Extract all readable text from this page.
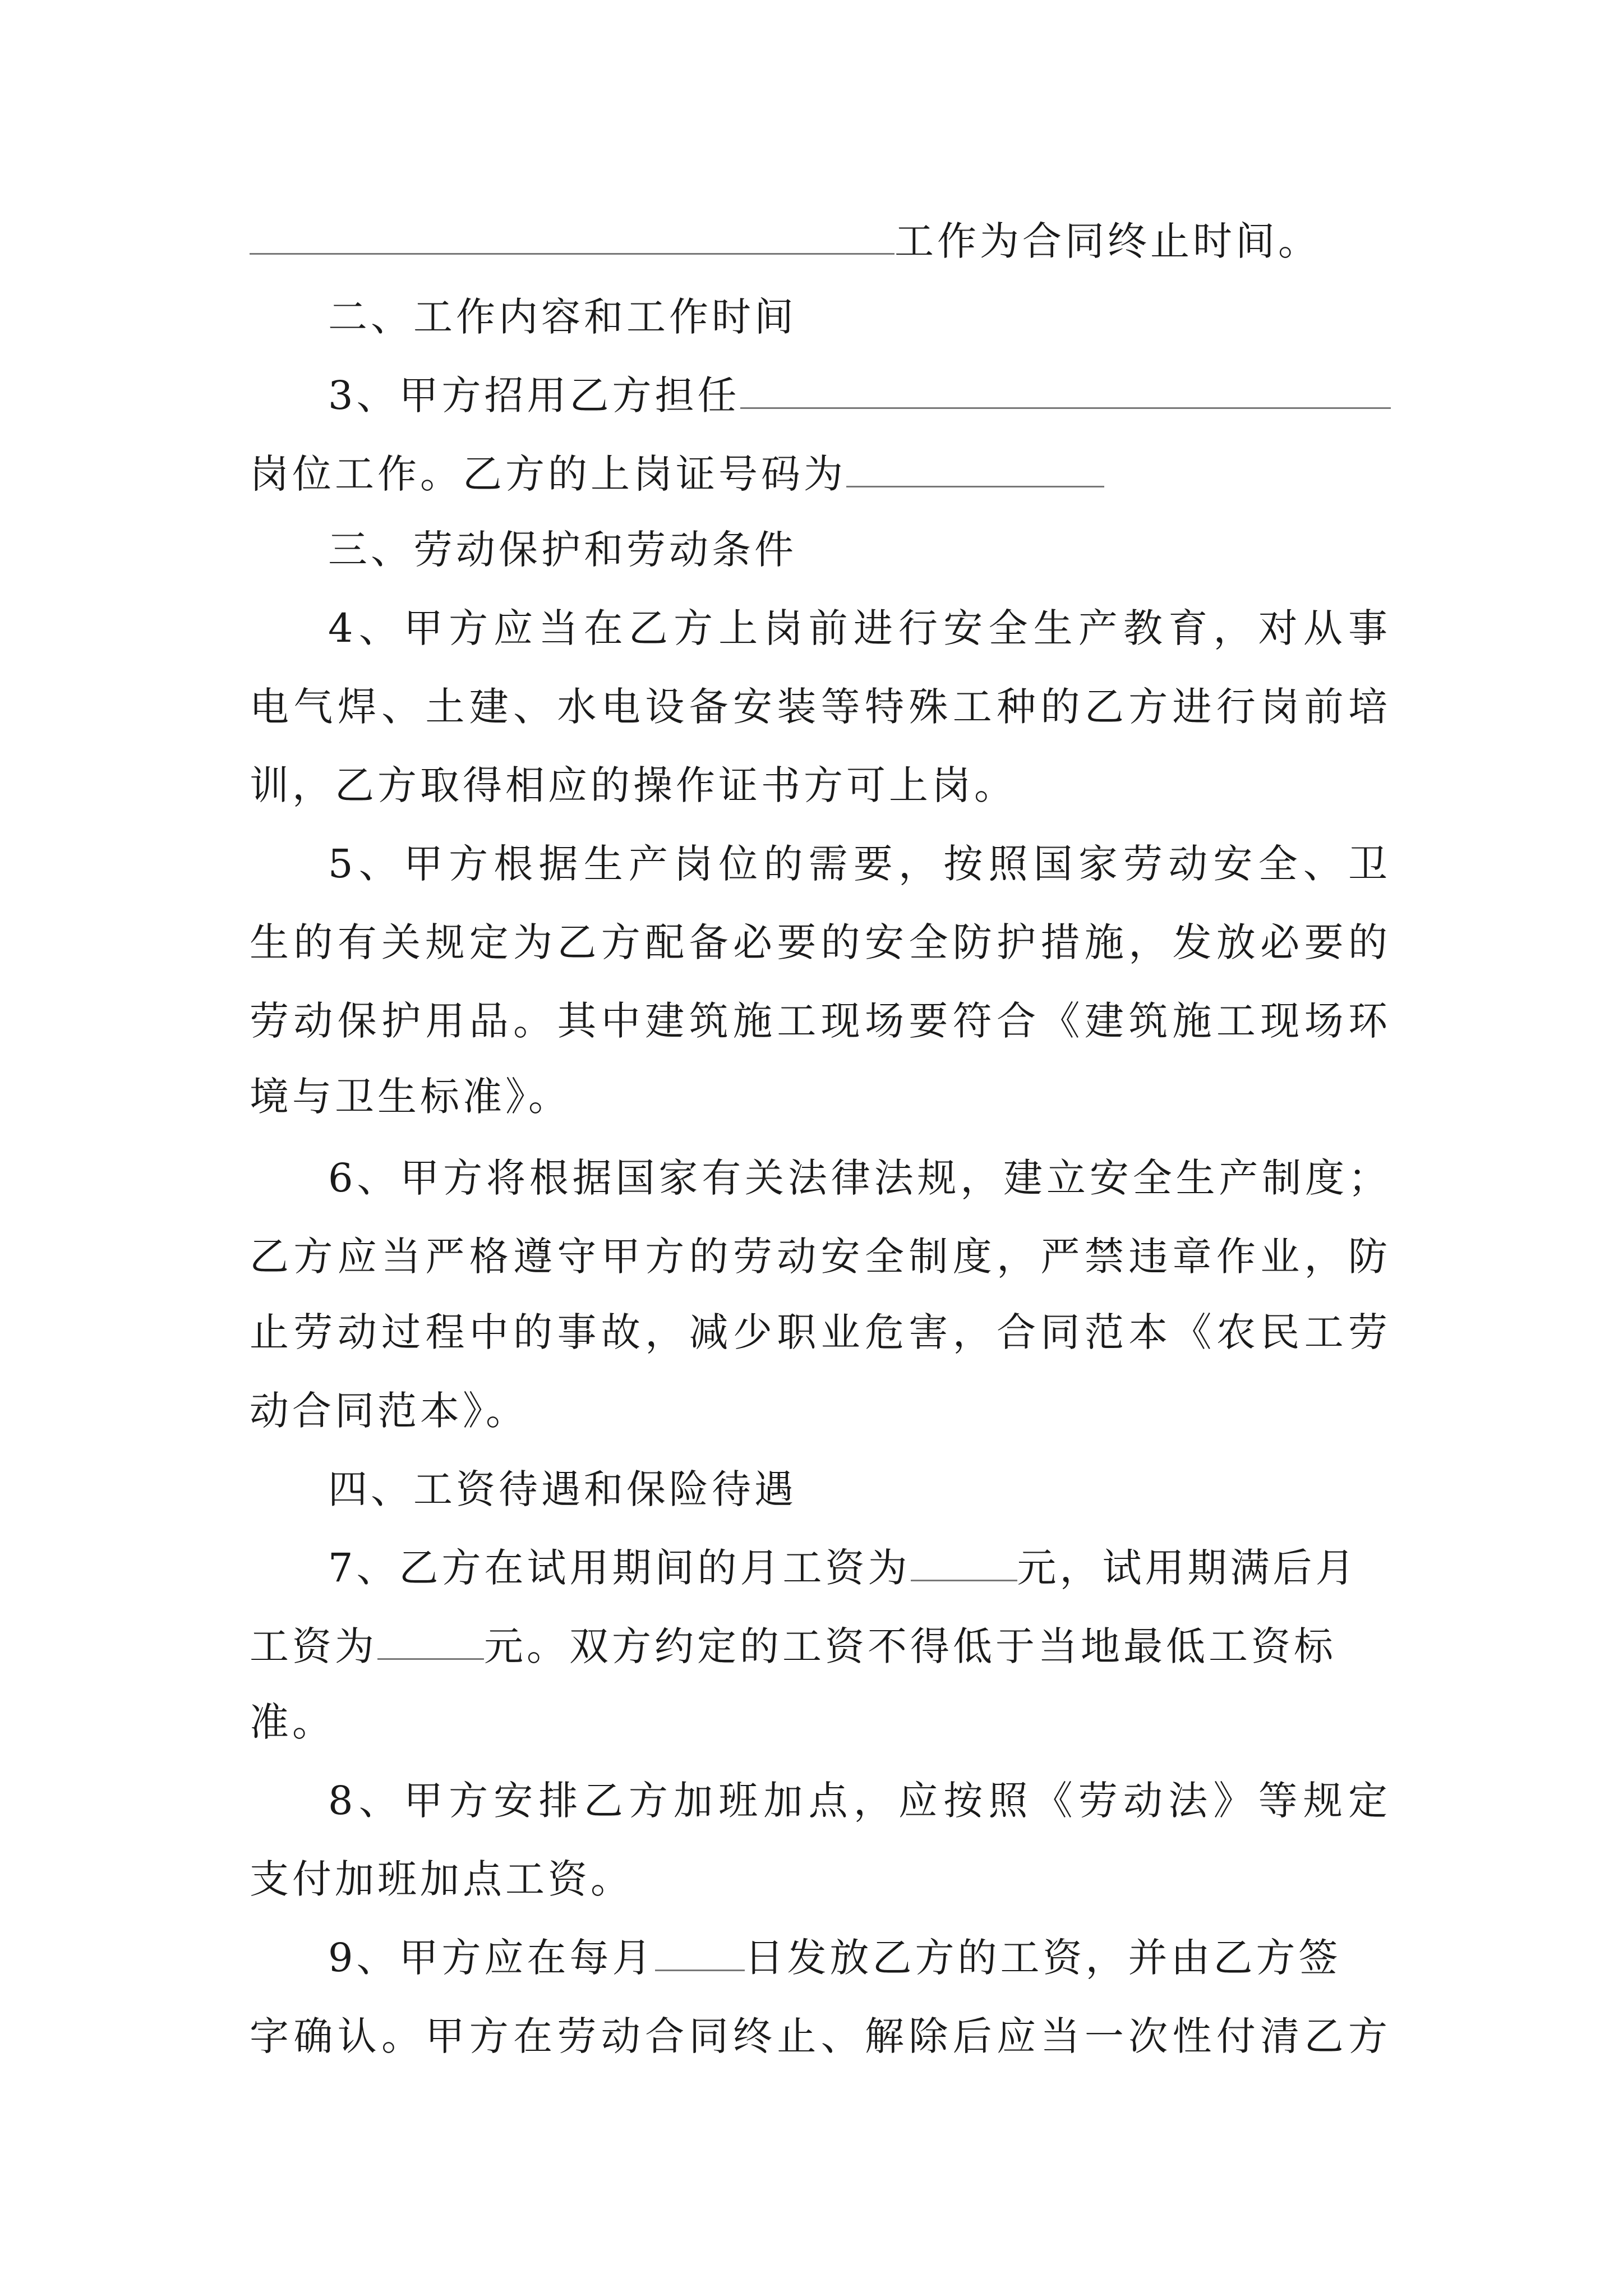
工作为合同终止时间。
二、工作内容和工作时间
3、甲方招用乙方担任
岗位工作。乙方的上岗证号码为
三、劳动保护和劳动条件
4、甲方应当在乙方上岗前进行安全生产教育，对从事
电气焊、土建、水电设备安装等特殊工种的乙方进行岗前培
训，乙方取得相应的操作证书方可上岗。
5、甲方根据生产岗位的需要，按照国家劳动安全、卫
生的有关规定为乙方配备必要的安全防护措施，发放必要的
劳动保护用品。其中建筑施工现场要符合《建筑施工现场环
境与卫生标准》。
6、甲方将根据国家有关法律法规，建立安全生产制度；
乙方应当严格遵守甲方的劳动安全制度，严禁违章作业，防
止劳动过程中的事故，减少职业危害，合同范本《农民工劳
动合同范本》。
四、工资待遇和保险待遇
7、乙方在试用期间的月工资为	元，试用期满后月
工资为	元。双方约定的工资不得低于当地最低工资标
准。
8、甲方安排乙方加班加点，应按照《劳动法》等规定
支付加班加点工资。
9、甲方应在每月 日发放乙方的工资，并由乙方签
字确认。甲方在劳动合同终止、解除后应当一次性付清乙方
